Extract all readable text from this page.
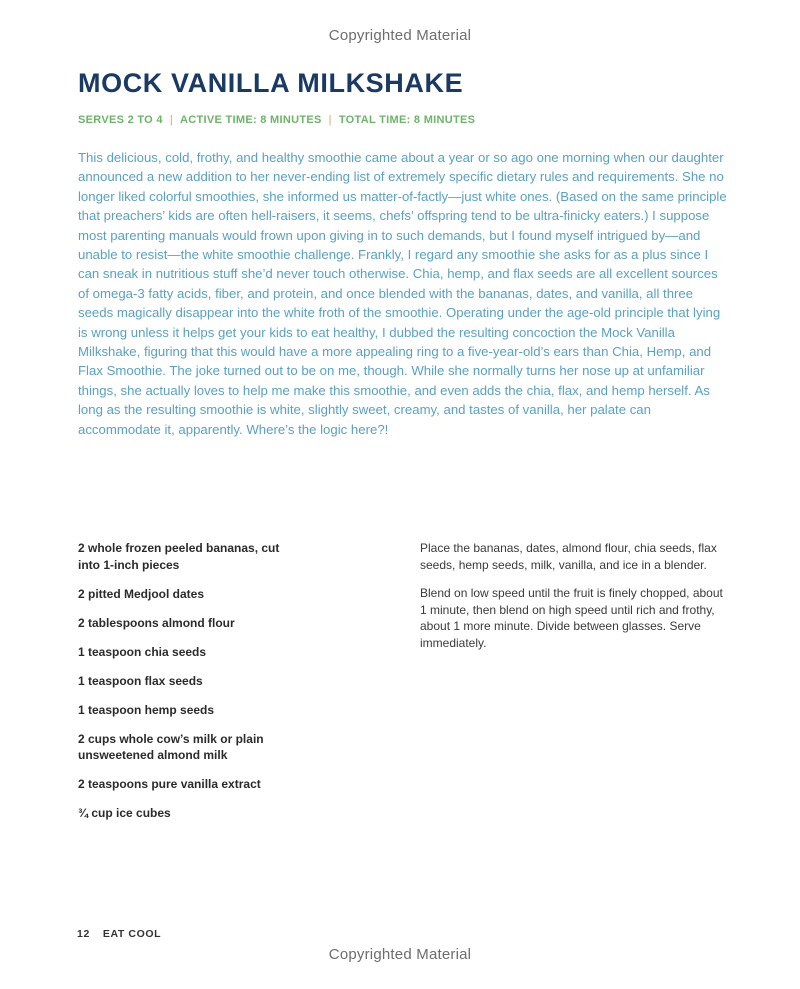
Copyrighted Material
MOCK VANILLA MILKSHAKE
SERVES 2 TO 4 | ACTIVE TIME: 8 MINUTES | TOTAL TIME: 8 MINUTES

This delicious, cold, frothy, and healthy smoothie came about a year or so ago one morning when our daughter announced a new addition to her never-ending list of extremely specific dietary rules and requirements. She no longer liked colorful smoothies, she informed us matter-of-factly—just white ones. (Based on the same principle that preachers’ kids are often hell-raisers, it seems, chefs’ offspring tend to be ultra-finicky eaters.) I suppose most parenting manuals would frown upon giving in to such demands, but I found myself intrigued by—and unable to resist—the white smoothie challenge. Frankly, I regard any smoothie she asks for as a plus since I can sneak in nutritious stuff she’d never touch otherwise. Chia, hemp, and flax seeds are all excellent sources of omega-3 fatty acids, fiber, and protein, and once blended with the bananas, dates, and vanilla, all three seeds magically disappear into the white froth of the smoothie. Operating under the age-old principle that lying is wrong unless it helps get your kids to eat healthy, I dubbed the resulting concoction the Mock Vanilla Milkshake, figuring that this would have a more appealing ring to a five-year-old’s ears than Chia, Hemp, and Flax Smoothie. The joke turned out to be on me, though. While she normally turns her nose up at unfamiliar things, she actually loves to help me make this smoothie, and even adds the chia, flax, and hemp herself. As long as the resulting smoothie is white, slightly sweet, creamy, and tastes of vanilla, her palate can accommodate it, apparently. Where’s the logic here?!

2 whole frozen peeled bananas, cut into 1-inch pieces
2 pitted Medjool dates
2 tablespoons almond flour
1 teaspoon chia seeds
1 teaspoon flax seeds
1 teaspoon hemp seeds
2 cups whole cow’s milk or plain unsweetened almond milk
2 teaspoons pure vanilla extract
¾ cup ice cubes

Place the bananas, dates, almond flour, chia seeds, flax seeds, hemp seeds, milk, vanilla, and ice in a blender.

Blend on low speed until the fruit is finely chopped, about 1 minute, then blend on high speed until rich and frothy, about 1 more minute. Divide between glasses. Serve immediately.

12 EAT COOL
Copyrighted Material
